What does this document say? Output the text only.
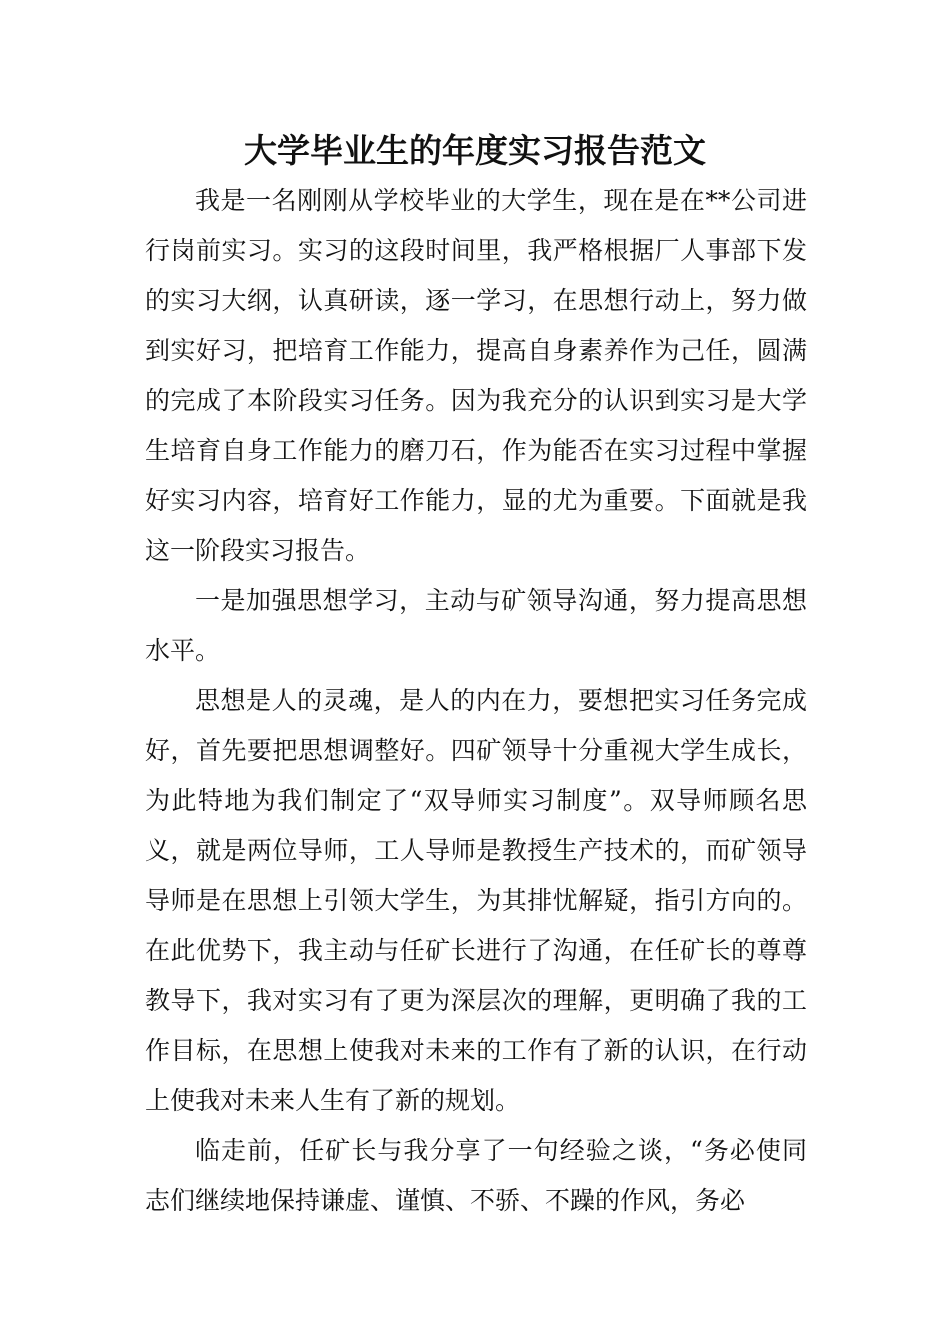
大学毕业生的年度实习报告范文

我是一名刚刚从学校毕业的大学生，现在是在**公司进行岗前实习。实习的这段时间里，我严格根据厂人事部下发的实习大纲，认真研读，逐一学习，在思想行动上，努力做到实好习，把培育工作能力，提高自身素养作为己任，圆满的完成了本阶段实习任务。因为我充分的认识到实习是大学生培育自身工作能力的磨刀石，作为能否在实习过程中掌握好实习内容，培育好工作能力，显的尤为重要。下面就是我这一阶段实习报告。

一是加强思想学习，主动与矿领导沟通，努力提高思想水平。

思想是人的灵魂，是人的内在力，要想把实习任务完成好，首先要把思想调整好。四矿领导十分重视大学生成长，为此特地为我们制定了“双导师实习制度”。双导师顾名思义，就是两位导师，工人导师是教授生产技术的，而矿领导导师是在思想上引领大学生，为其排忧解疑，指引方向的。在此优势下，我主动与任矿长进行了沟通，在任矿长的尊尊教导下，我对实习有了更为深层次的理解，更明确了我的工作目标，在思想上使我对未来的工作有了新的认识，在行动上使我对未来人生有了新的规划。

临走前，任矿长与我分享了一句经验之谈，“务必使同志们继续地保持谦虚、谨慎、不骄、不躁的作风，务必
